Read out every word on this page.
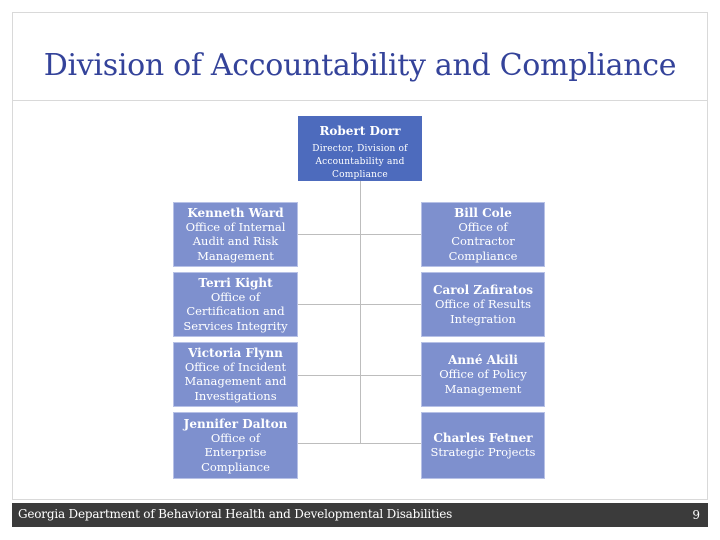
Division of Accountability and Compliance
Robert Dorr
Director, Division of Accountability and Compliance
Kenneth Ward
Office of Internal Audit and Risk Management
Terri Kight
Office of Certification and Services Integrity
Victoria Flynn
Office of Incident Management and Investigations
Jennifer Dalton
Office of Enterprise Compliance
Bill Cole
Office of Contractor Compliance
Carol Zafiratos
Office of Results Integration
Anné Akili
Office of Policy Management
Charles Fetner
Strategic Projects
Georgia Department of Behavioral Health and Developmental Disabilities	9
